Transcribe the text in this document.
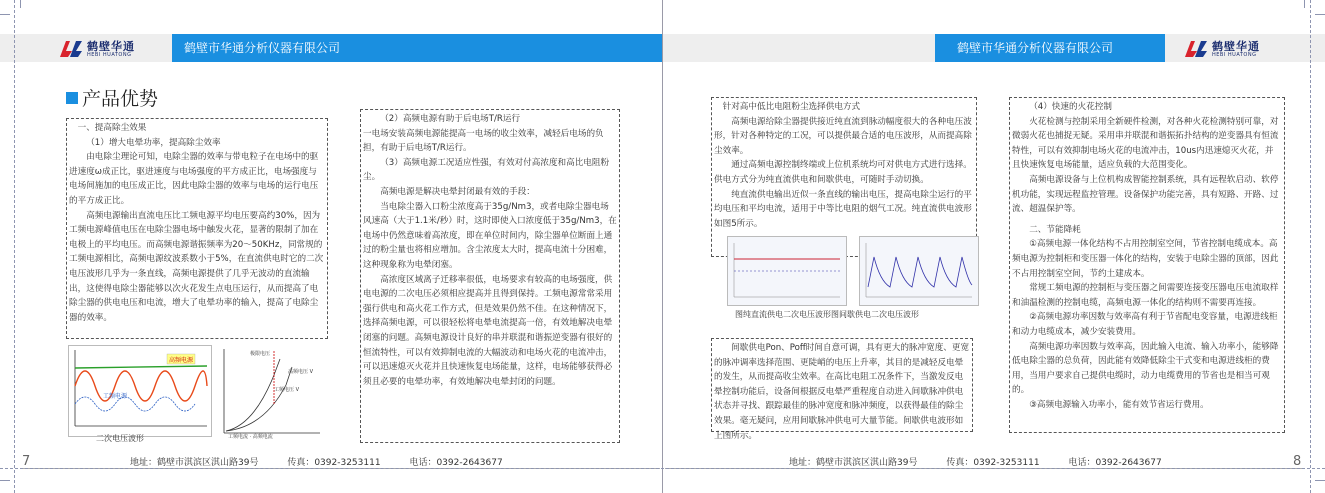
鹤壁华通
HEBI HUATONG	鹤壁市华通分析仪器有限公司
产品优势

一、提高除尘效果

（1）增大电晕功率，提高除尘效率

由电除尘理论可知，电除尘器的效率与带电粒子在电场中的驱进速度ω成正比，驱进速度与电场强度的平方成正比，电场强度与电场间施加的电压成正比，因此电除尘器的效率与电场的运行电压的平方成正比。

高频电源输出直流电压比工频电源平均电压要高约30%，因为工频电源峰值电压在电除尘器电场中触发火花，显著的限制了加在电极上的平均电压。而高频电源谐振频率为20～50KHz，同常规的工频电源相比，高频电源纹波系数小于5%，在直流供电时它的二次电压波形几乎为一条直线，高频电源提供了几乎无波动的直流输出，这使得电除尘器能够以次火花发生点电压运行，从而提高了电除尘器的供电电压和电流，增大了电晕功率的输入，提高了电除尘器的效率。

高频电源
工频电源
二次电压波形
极限电压
高频电压 V
工频电压 V
工频电流 · 高频电流

（2）高频电源有助于后电场T/R运行

一电场安装高频电源能提高一电场的收尘效率，减轻后电场的负担，有助于后电场T/R运行。

（3）高频电源工况适应性强，有效对付高浓度和高比电阻粉尘。

高频电源是解决电晕封闭最有效的手段：

当电除尘器入口粉尘浓度高于35g/Nm3，或者电除尘器电场风速高（大于1.1米/秒）时，这时即使入口浓度低于35g/Nm3，在电场中仍然意味着高浓度，即在单位时间内，除尘器单位断面上通过的粉尘量也将相应增加。含尘浓度太大时，提高电流十分困难，这种现象称为电晕闭塞。

高浓度区域离子迁移率很低，电场要求有较高的电场强度，供电电源的二次电压必须相应提高并且得到保持。工频电源常常采用强行供电和高火花工作方式，但是效果仍然不佳。在这种情况下，选择高频电源，可以很轻松将电晕电流提高一倍，有效地解决电晕闭塞的问题。高频电源设计良好的串并联混和谐振逆变器有很好的恒流特性，可以有效抑制电流的大幅波动和电场火花的电流冲击，可以迅速熄灭火花并且快速恢复电场能量，这样，电场能够获得必须且必要的电晕功率，有效地解决电晕封闭的问题。

地址：鹤壁市淇滨区淇山路39号	传真：0392-3253111	电话：0392-2643677
7
鹤壁市华通分析仪器有限公司	鹤壁华通
HEBI HUATONG

针对高中低比电阻粉尘选择供电方式

高频电源给除尘器提供接近纯直流到脉动幅度很大的各种电压波形，针对各种特定的工况，可以提供最合适的电压波形，从而提高除尘效率。

通过高频电源控制终端或上位机系统均可对供电方式进行选择。供电方式分为纯直流供电和间歇供电，可随时手动切换。

纯直流供电输出近似一条直线的输出电压，提高电除尘运行的平均电压和平均电流，适用于中等比电阻的烟气工况。纯直流供电波形如图5所示。

图纯直流供电二次电压波形图间歇供电二次电压波形

间歇供电Pon、Poff时间自意可调，具有更大的脉冲宽度、更宽的脉冲调率选择范围、更陡峭的电压上升率，其目的是减轻反电晕的发生，从而提高收尘效率。在高比电阻工况条件下，当激发反电晕控制功能后，设备间根据反电晕严重程度自动进入间歇脉冲供电状态并寻找、跟踪最佳的脉冲宽度和脉冲频度，以获得最佳的除尘效果。毫无疑问，应用间歇脉冲供电可大量节能。间歇供电波形如上图所示。

（4）快速的火花控制

火花检测与控制采用全新硬件检测，对各种火花检测特别可靠，对微弱火花也捕捉无疑。采用串并联混和谐振拓扑结构的逆变器具有恒流特性，可以有效抑制电场火花的电流冲击，10us内迅速熄灭火花，并且快速恢复电场能量，适应负载的大范围变化。

高频电源设备与上位机构成智能控制系统，具有远程软启动、软停机功能，实现远程监控管理。设备保护功能完善，具有短路、开路、过流、超温保护等。

二、节能降耗

①高频电源一体化结构不占用控制室空间，节省控制电缆成本。高频电源为控制柜和变压器一体化的结构，安装于电除尘器的顶部，因此不占用控制室空间，节约土建成本。

常规工频电源的控制柜与变压器之间需要连接变压器电压电流取样和油温检测的控制电缆，高频电源一体化的结构则不需要再连接。

②高频电源功率因数与效率高有利于节省配电变容量，电源进线柜和动力电缆成本，减少安装费用。

高频电源功率因数与效率高，因此输入电流、输入功率小，能够降低电除尘器的总负荷，因此能有效降低除尘干式变和电源进线柜的费用，当用户要求自己提供电缆时，动力电缆费用的节省也是相当可观的。

③高频电源输入功率小，能有效节省运行费用。

地址：鹤壁市淇滨区淇山路39号	传真：0392-3253111	电话：0392-2643677	8
